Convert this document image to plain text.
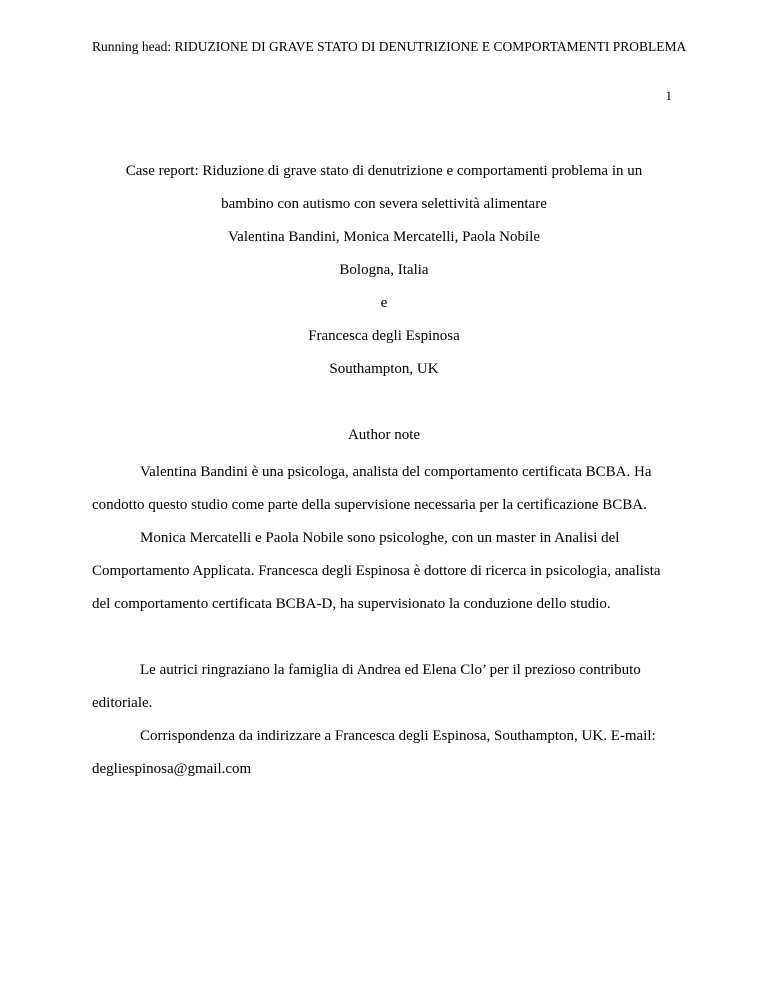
Running head: RIDUZIONE DI GRAVE STATO DI DENUTRIZIONE E COMPORTAMENTI PROBLEMA
1
Case report: Riduzione di grave stato di denutrizione e comportamenti problema in un
bambino con autismo con severa selettività alimentare
Valentina Bandini, Monica Mercatelli, Paola Nobile
Bologna, Italia
e
Francesca degli Espinosa
Southampton, UK
Author note
Valentina Bandini è una psicologa, analista del comportamento certificata BCBA. Ha condotto questo studio come parte della supervisione necessaria per la certificazione BCBA.
Monica Mercatelli e Paola Nobile sono psicologhe, con un master in Analisi del Comportamento Applicata. Francesca degli Espinosa è dottore di ricerca in psicologia, analista del comportamento certificata BCBA-D, ha supervisionato la conduzione dello studio.
Le autrici ringraziano la famiglia di Andrea ed Elena Clo’ per il prezioso contributo editoriale.
Corrispondenza da indirizzare a Francesca degli Espinosa, Southampton, UK. E-mail: degliespinosa@gmail.com
